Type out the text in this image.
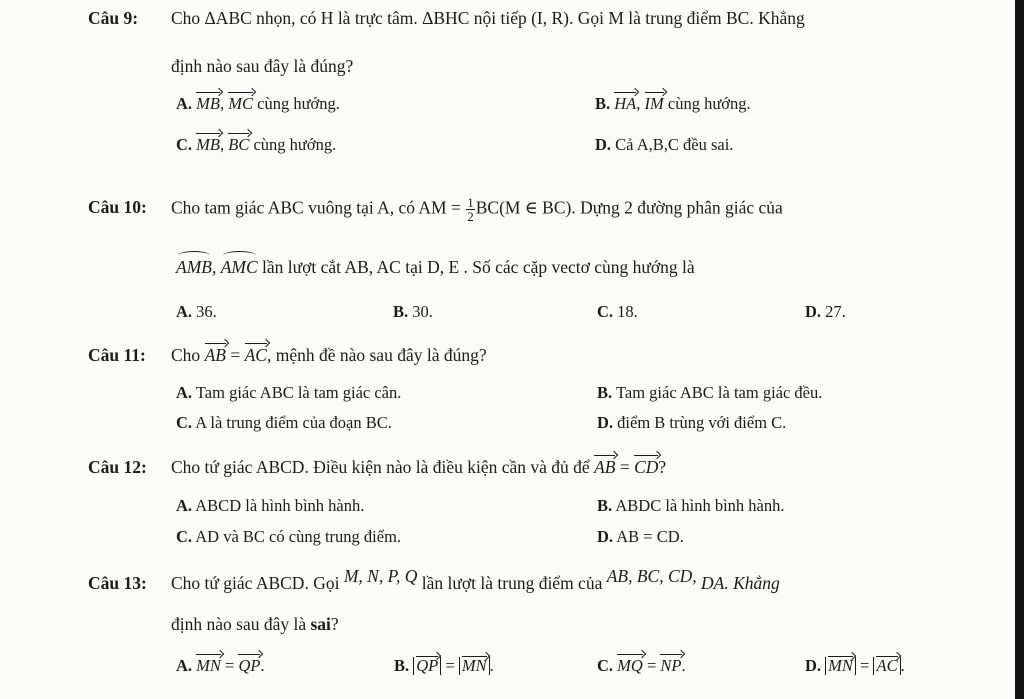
Câu 9: Cho ΔABC nhọn, có H là trực tâm. ΔBHC nội tiếp (I, R). Gọi M là trung điểm BC. Khẳng
định nào sau đây là đúng?
A. MB, MC cùng hướng.	B. HA, IM cùng hướng.
C. MB, BC cùng hướng.	D. Cả A,B,C đều sai.
Câu 10: Cho tam giác ABC vuông tại A, có AM = $\frac{1}{2} BC(M$ ∈ BC). Dựng 2 đường phân giác của
AMB, AMC lần lượt cắt AB, AC tại D, E . Số các cặp vectơ cùng hướng là
A. 36.	B. 30.	C. 18.	D. 27.
Câu 11: Cho AB = AC, mệnh đề nào sau đây là đúng?
A. Tam giác ABC là tam giác cân.	B. Tam giác ABC là tam giác đều.
C. A là trung điểm của đoạn BC.	D. điểm B trùng với điểm C.
Câu 12: Cho tứ giác ABCD. Điều kiện nào là điều kiện cần và đủ để AB = CD?
A. ABCD là hình bình hành.	B. ABDC là hình bình hành.
C. AD và BC có cùng trung điểm.	D. AB = CD.
Câu 13: Cho tứ giác ABCD. Gọi M, N, P, Q lần lượt là trung điểm của AB, BC, CD, DA. Khẳng
định nào sau đây là sai?
A. MN = QP.	B. QP = MN .	C. MQ = NP.	D. MN = AC .
